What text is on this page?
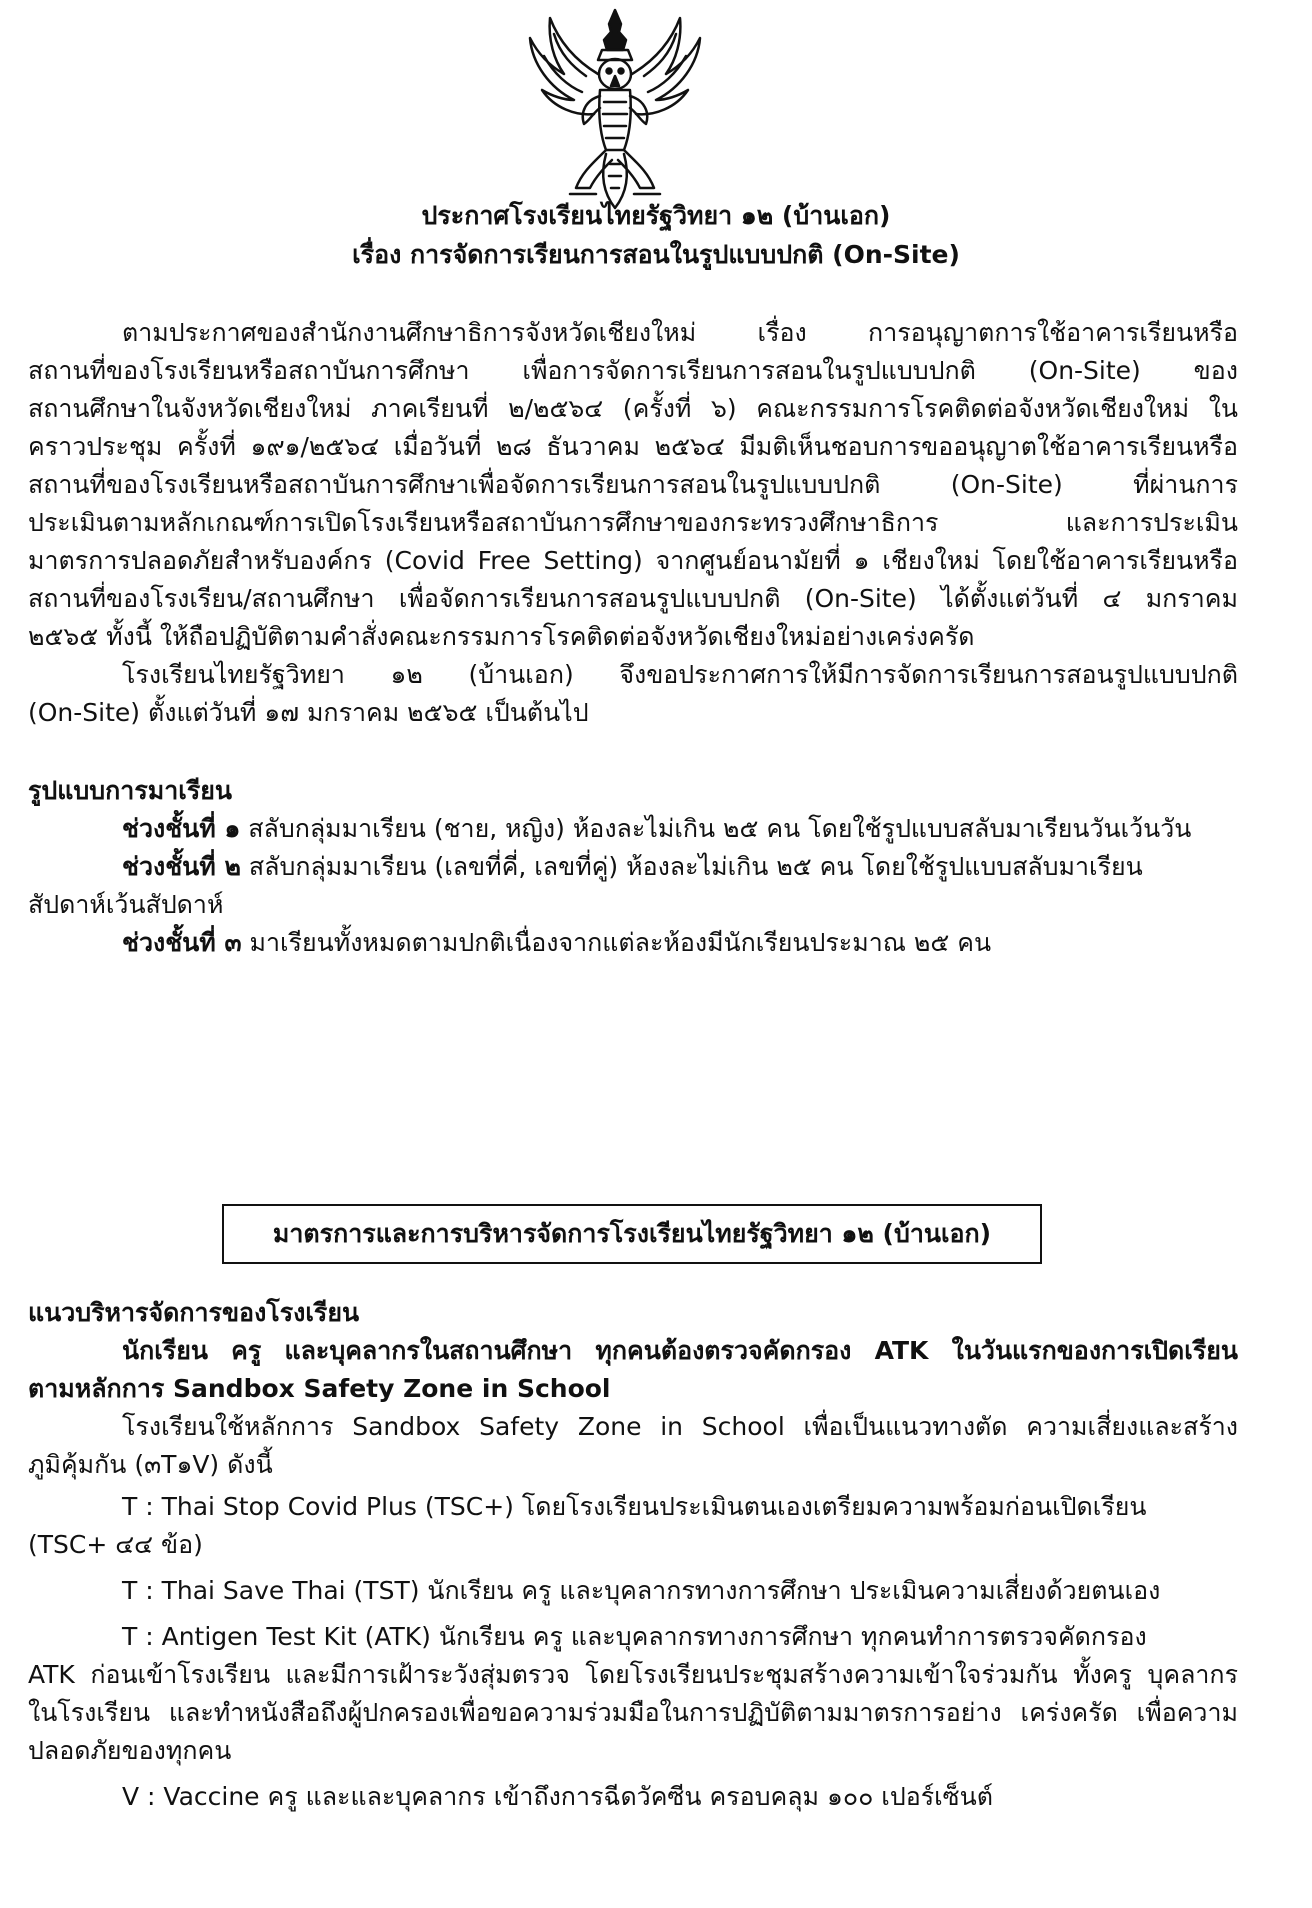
ประกาศโรงเรียนไทยรัฐวิทยา ๑๒ (บ้านเอก)
เรื่อง การจัดการเรียนการสอนในรูปแบบปกติ (On-Site)
ตามประกาศของสำนักงานศึกษาธิการจังหวัดเชียงใหม่ เรื่อง การอนุญาตการใช้อาคารเรียนหรือ
สถานที่ของโรงเรียนหรือสถาบันการศึกษา เพื่อการจัดการเรียนการสอนในรูปแบบปกติ (On-Site) ของ
สถานศึกษาในจังหวัดเชียงใหม่ ภาคเรียนที่ ๒/๒๕๖๔ (ครั้งที่ ๖) คณะกรรมการโรคติดต่อจังหวัดเชียงใหม่ ใน
คราวประชุม ครั้งที่ ๑๙๑/๒๕๖๔ เมื่อวันที่ ๒๘ ธันวาคม ๒๕๖๔ มีมติเห็นชอบการขออนุญาตใช้อาคารเรียนหรือ
สถานที่ของโรงเรียนหรือสถาบันการศึกษาเพื่อจัดการเรียนการสอนในรูปแบบปกติ (On-Site) ที่ผ่านการ
ประเมินตามหลักเกณฑ์การเปิดโรงเรียนหรือสถาบันการศึกษาของกระทรวงศึกษาธิการ และการประเมิน
มาตรการปลอดภัยสำหรับองค์กร (Covid Free Setting) จากศูนย์อนามัยที่ ๑ เชียงใหม่ โดยใช้อาคารเรียนหรือ
สถานที่ของโรงเรียน/สถานศึกษา เพื่อจัดการเรียนการสอนรูปแบบปกติ (On-Site) ได้ตั้งแต่วันที่ ๔ มกราคม
๒๕๖๕ ทั้งนี้ ให้ถือปฏิบัติตามคำสั่งคณะกรรมการโรคติดต่อจังหวัดเชียงใหม่อย่างเคร่งครัด
โรงเรียนไทยรัฐวิทยา ๑๒ (บ้านเอก) จึงขอประกาศการให้มีการจัดการเรียนการสอนรูปแบบปกติ
(On-Site) ตั้งแต่วันที่ ๑๗ มกราคม ๒๕๖๕ เป็นต้นไป
รูปแบบการมาเรียน
ช่วงชั้นที่ ๑ สลับกลุ่มมาเรียน (ชาย, หญิง) ห้องละไม่เกิน ๒๕ คน โดยใช้รูปแบบสลับมาเรียนวันเว้นวัน
ช่วงชั้นที่ ๒ สลับกลุ่มมาเรียน (เลขที่คี่, เลขที่คู่) ห้องละไม่เกิน ๒๕ คน โดยใช้รูปแบบสลับมาเรียน
สัปดาห์เว้นสัปดาห์
ช่วงชั้นที่ ๓ มาเรียนทั้งหมดตามปกติเนื่องจากแต่ละห้องมีนักเรียนประมาณ ๒๕ คน
มาตรการและการบริหารจัดการโรงเรียนไทยรัฐวิทยา ๑๒ (บ้านเอก)
แนวบริหารจัดการของโรงเรียน
นักเรียน ครู และบุคลากรในสถานศึกษา ทุกคนต้องตรวจคัดกรอง ATK ในวันแรกของการเปิดเรียน
ตามหลักการ Sandbox Safety Zone in School
โรงเรียนใช้หลักการ Sandbox Safety Zone in School เพื่อเป็นแนวทางตัด ความเสี่ยงและสร้าง
ภูมิคุ้มกัน (๓T๑V) ดังนี้
T : Thai Stop Covid Plus (TSC+) โดยโรงเรียนประเมินตนเองเตรียมความพร้อมก่อนเปิดเรียน
(TSC+ ๔๔ ข้อ)
T : Thai Save Thai (TST) นักเรียน ครู และบุคลากรทางการศึกษา ประเมินความเสี่ยงด้วยตนเอง
T : Antigen Test Kit (ATK) นักเรียน ครู และบุคลากรทางการศึกษา ทุกคนทำการตรวจคัดกรอง
ATK ก่อนเข้าโรงเรียน และมีการเฝ้าระวังสุ่มตรวจ โดยโรงเรียนประชุมสร้างความเข้าใจร่วมกัน ทั้งครู บุคลากร
ในโรงเรียน และทำหนังสือถึงผู้ปกครองเพื่อขอความร่วมมือในการปฏิบัติตามมาตรการอย่าง เคร่งครัด เพื่อความ
ปลอดภัยของทุกคน
V : Vaccine ครู และและบุคลากร เข้าถึงการฉีดวัคซีน ครอบคลุม ๑๐๐ เปอร์เซ็นต์
